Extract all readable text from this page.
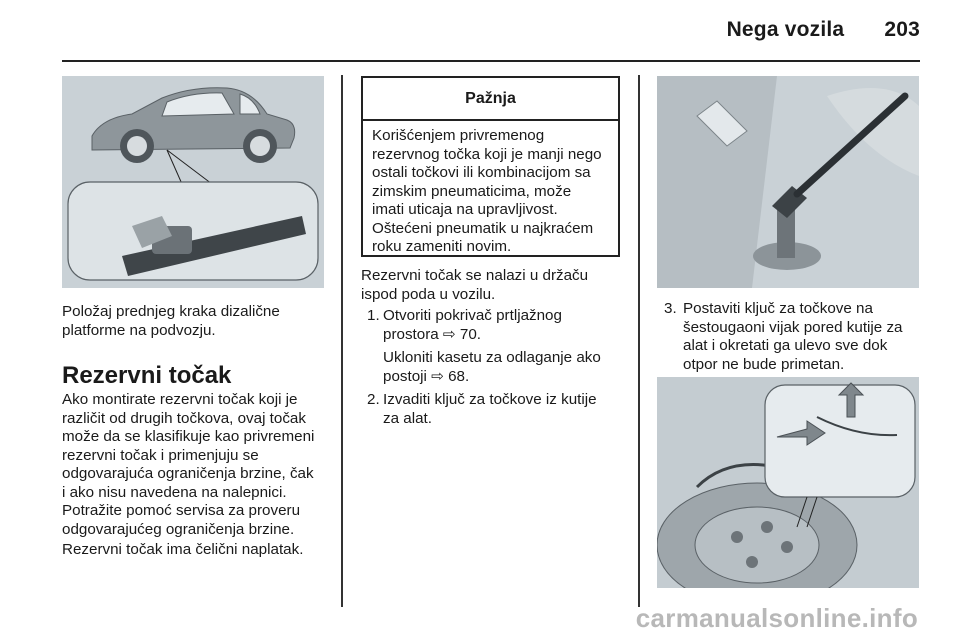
Nega vozila 203
Položaj prednjeg kraka dizalične
platforme na podvozju.
Rezervni točak
Ako montirate rezervni točak koji je
različit od drugih točkova, ovaj točak
može da se klasifikuje kao privremeni
rezervni točak i primenjuju se
odgovarajuća ograničenja brzine, čak
i ako nisu navedena na nalepnici.
Potražite pomoć servisa za proveru
odgovarajućeg ograničenja brzine.
Rezervni točak ima čelični naplatak.
Pažnja
Korišćenjem privremenog
rezervnog točka koji je manji nego
ostali točkovi ili kombinacijom sa
zimskim pneumaticima, može
imati uticaja na upravljivost.
Oštećeni pneumatik u najkraćem
roku zameniti novim.
Rezervni točak se nalazi u držaču
ispod poda u vozilu.
1. Otvoriti pokrivač prtljažnog
prostora ⇨ 70.
Ukloniti kasetu za odlaganje ako
postoji ⇨ 68.
2. Izvaditi ključ za točkove iz kutije
za alat.
3. Postaviti ključ za točkove na
šestougaoni vijak pored kutije za
alat i okretati ga ulevo sve dok
otpor ne bude primetan.
carmanualsonline.info
